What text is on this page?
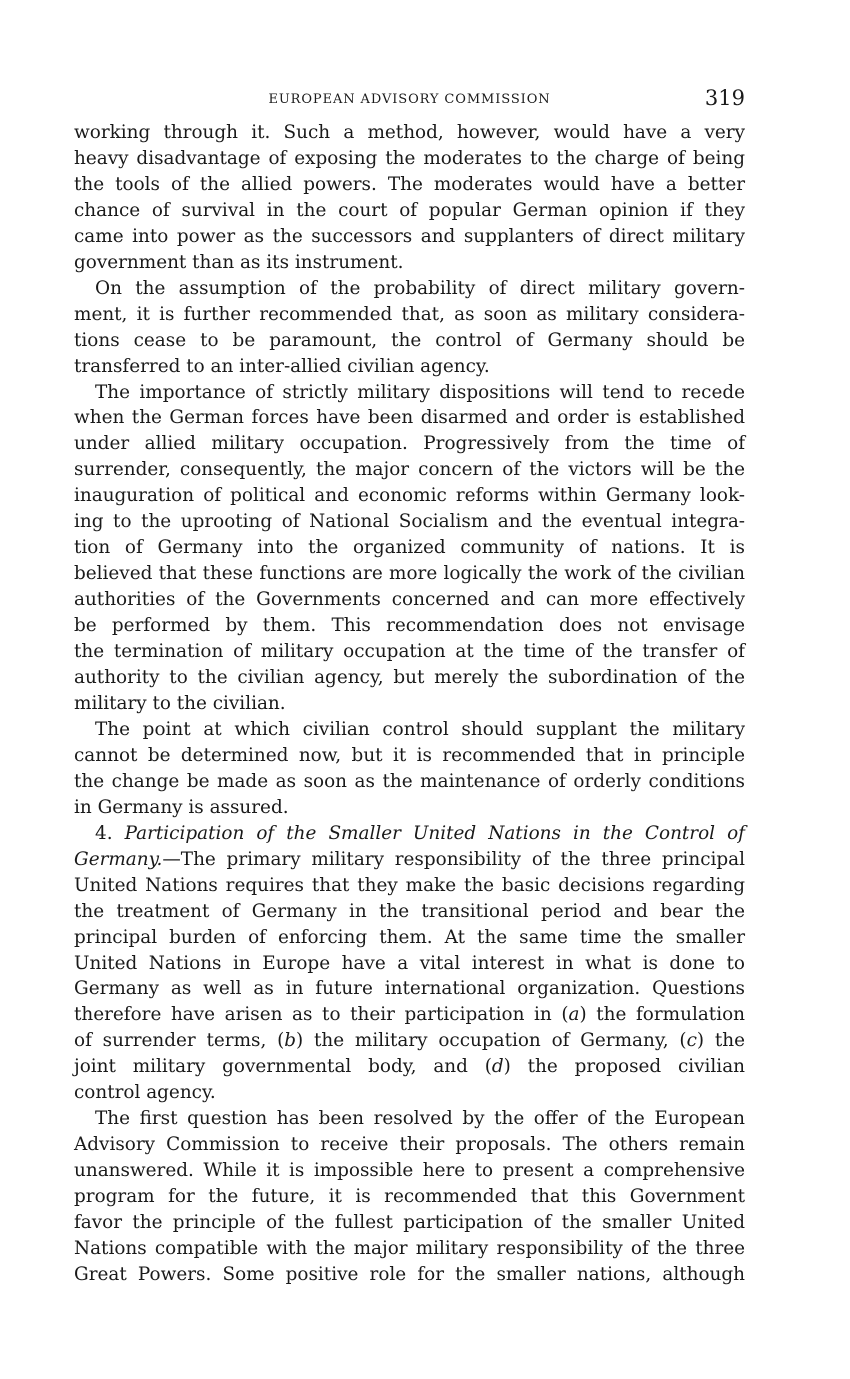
EUROPEAN ADVISORY COMMISSION	319
working through it. Such a method, however, would have a very
heavy disadvantage of exposing the moderates to the charge of being
the tools of the allied powers. The moderates would have a better
chance of survival in the court of popular German opinion if they
came into power as the successors and supplanters of direct military
government than as its instrument.
On the assumption of the probability of direct military govern-
ment, it is further recommended that, as soon as military considera-
tions cease to be paramount, the control of Germany should be
transferred to an inter-allied civilian agency.
The importance of strictly military dispositions will tend to recede
when the German forces have been disarmed and order is established
under allied military occupation. Progressively from the time of
surrender, consequently, the major concern of the victors will be the
inauguration of political and economic reforms within Germany look-
ing to the uprooting of National Socialism and the eventual integra-
tion of Germany into the organized community of nations. It is
believed that these functions are more logically the work of the civilian
authorities of the Governments concerned and can more effectively
be performed by them. This recommendation does not envisage
the termination of military occupation at the time of the transfer of
authority to the civilian agency, but merely the subordination of the
military to the civilian.
The point at which civilian control should supplant the military
cannot be determined now, but it is recommended that in principle
the change be made as soon as the maintenance of orderly conditions
in Germany is assured.
4. Participation of the Smaller United Nations in the Control of
Germany.—The primary military responsibility of the three principal
United Nations requires that they make the basic decisions regarding
the treatment of Germany in the transitional period and bear the
principal burden of enforcing them. At the same time the smaller
United Nations in Europe have a vital interest in what is done to
Germany as well as in future international organization. Questions
therefore have arisen as to their participation in (a) the formulation
of surrender terms, (b) the military occupation of Germany, (c) the
joint military governmental body, and (d) the proposed civilian
control agency.
The first question has been resolved by the offer of the European
Advisory Commission to receive their proposals. The others remain
unanswered. While it is impossible here to present a comprehensive
program for the future, it is recommended that this Government
favor the principle of the fullest participation of the smaller United
Nations compatible with the major military responsibility of the three
Great Powers. Some positive role for the smaller nations, although
